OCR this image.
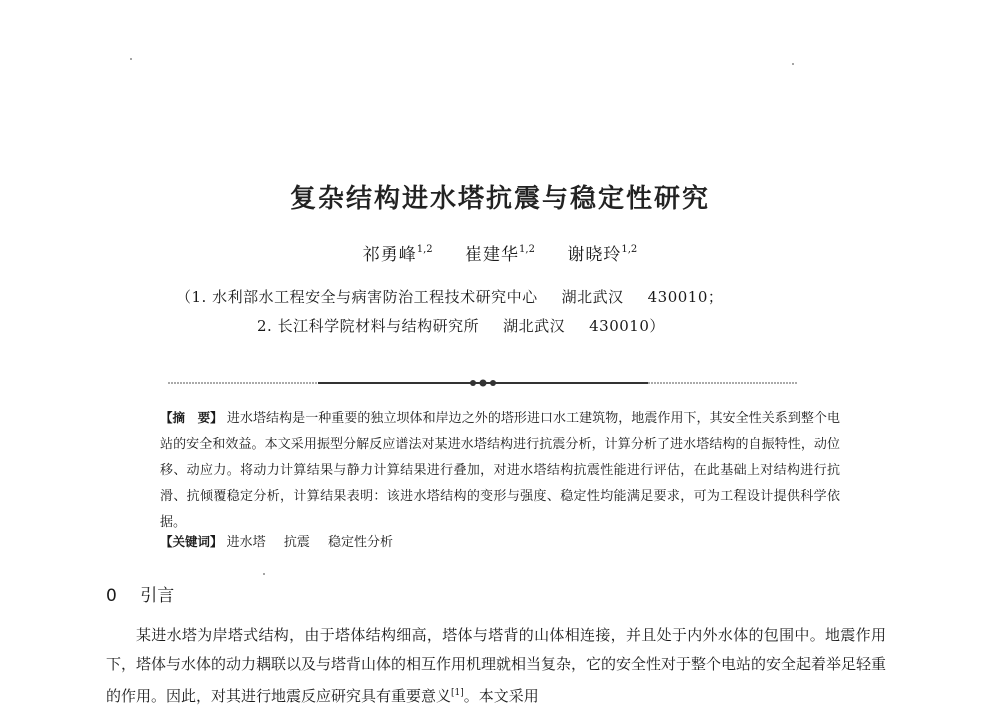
复杂结构进水塔抗震与稳定性研究
祁勇峰$^{1,2}$ 崔建华$^{1,2}$ 谢晓玲$^{1,2}$
（1. 水利部水工程安全与病害防治工程技术研究中心 湖北武汉 430010；
2. 长江科学院材料与结构研究所 湖北武汉 430010）
【摘　要】 进水塔结构是一种重要的独立坝体和岸边之外的塔形进口水工建筑物，地震作用下，其安全性关系到整个电站的安全和效益。本文采用振型分解反应谱法对某进水塔结构进行抗震分析，计算分析了进水塔结构的自振特性，动位移、动应力。将动力计算结果与静力计算结果进行叠加，对进水塔结构抗震性能进行评估，在此基础上对结构进行抗滑、抗倾覆稳定分析，计算结果表明：该进水塔结构的变形与强度、稳定性均能满足要求，可为工程设计提供科学依据。
【关键词】 进水塔 抗震 稳定性分析
0 引言

某进水塔为岸塔式结构，由于塔体结构细高，塔体与塔背的山体相连接，并且处于内外水体的包围中。地震作用下，塔体与水体的动力耦联以及与塔背山体的相互作用机理就相当复杂，它的安全性对于整个电站的安全起着举足轻重的作用。因此，对其进行地震反应研究具有重要意义[1]。本文采用
